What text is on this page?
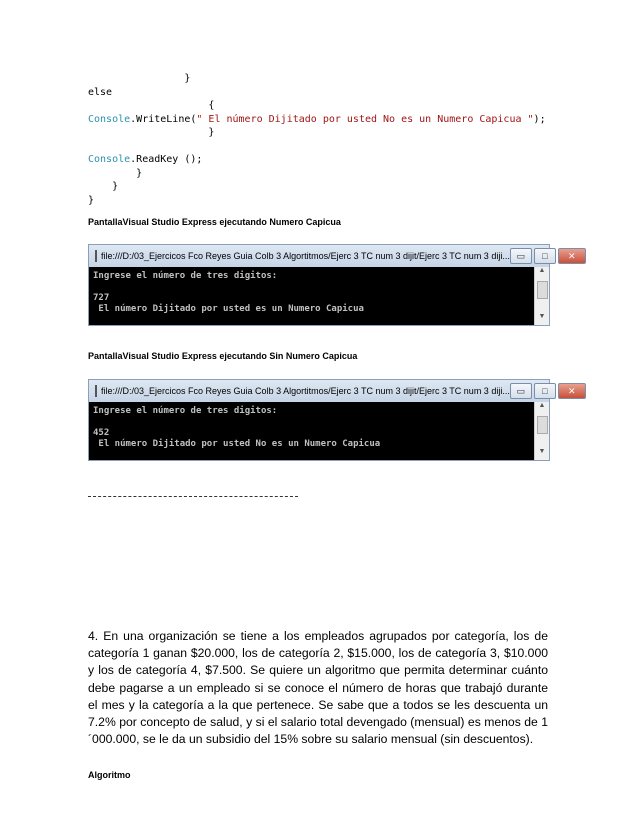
}
else
{
Console.WriteLine(" El número Dijitado por usted No es un Numero Capicua ");
}

Console.ReadKey ();
}
}
}
PantallaVisual Studio Express ejecutando Numero Capicua
file:///D:/03_Ejercicos Fco Reyes Guia Colb 3 Algortitmos/Ejerc 3 TC num 3 dijit/Ejerc 3 TC num 3 diji... ▭	□	✕
Ingrese el número de tres digitos:

727
El número Dijitado por usted es un Numero Capicua
▲
▼
PantallaVisual Studio Express ejecutando Sin Numero Capicua
file:///D:/03_Ejercicos Fco Reyes Guia Colb 3 Algortitmos/Ejerc 3 TC num 3 dijit/Ejerc 3 TC num 3 diji... ▭	□	✕
Ingrese el número de tres digitos:

452
El número Dijitado por usted No es un Numero Capicua
▲
▼
4. En una organización se tiene a los empleados agrupados por categoría, los de categoría 1 ganan $20.000, los de categoría 2, $15.000, los de categoría 3, $10.000 y los de categoría 4, $7.500. Se quiere un algoritmo que permita determinar cuánto debe pagarse a un empleado si se conoce el número de horas que trabajó durante el mes y la categoría a la que pertenece. Se sabe que a todos se les descuenta un 7.2% por concepto de salud, y si el salario total devengado (mensual) es menos de 1´000.000, se le da un subsidio del 15% sobre su salario mensual (sin descuentos).
Algoritmo
